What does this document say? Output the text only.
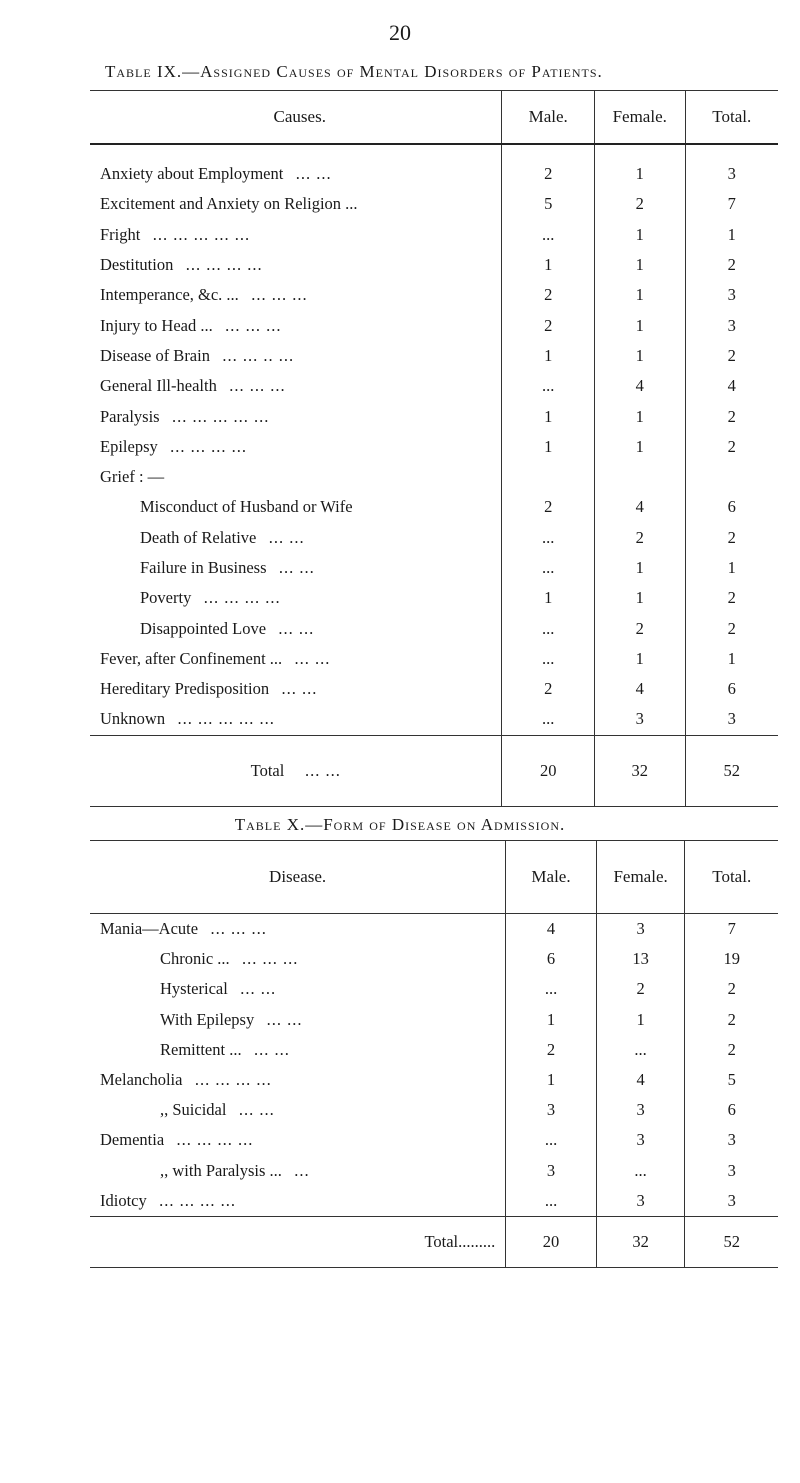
20
Table IX.—Assigned Causes of Mental Disorders of Patients.
Causes.	Male.	Female.	Total.
Anxiety about Employment ... ...	2	1	3
Excitement and Anxiety on Religion ...	5	2	7
Fright ... ... ... ... ...	...	1	1
Destitution ... ... ... ...	1	1	2
Intemperance, &c. ... ... ... ...	2	1	3
Injury to Head ... ... ... ...	2	1	3
Disease of Brain ... ... .. ...	1	1	2
General Ill-health ... ... ...	...	4	4
Paralysis ... ... ... ... ...	1	1	2
Epilepsy ... ... ... ...	1	1	2
Grief : —			
Misconduct of Husband or Wife	2	4	6
Death of Relative ... ...	...	2	2
Failure in Business ... ...	...	1	1
Poverty ... ... ... ...	1	1	2
Disappointed Love ... ...	...	2	2
Fever, after Confinement ... ... ...	...	1	1
Hereditary Predisposition ... ...	2	4	6
Unknown ... ... ... ... ...	...	3	3
Total ... ...	20	32	52
Table X.—Form of Disease on Admission.
Disease.	Male.	Female.	Total.
Mania—Acute ... ... ...	4	3	7
Chronic ... ... ... ...	6	13	19
Hysterical ... ...	...	2	2
With Epilepsy ... ...	1	1	2
Remittent ... ... ...	2	...	2
Melancholia ... ... ... ...	1	4	5
,, Suicidal ... ...	3	3	6
Dementia ... ... ... ...	...	3	3
,, with Paralysis ... ...	3	...	3
Idiotcy ... ... ... ...	...	3	3
Total.........	20	32	52
